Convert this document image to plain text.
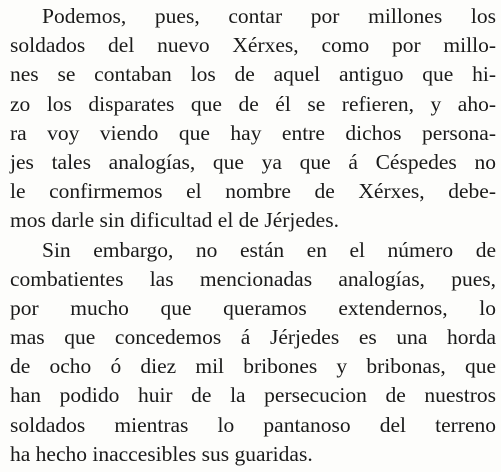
Podemos, pues, contar por millones los
soldados del nuevo Xérxes, como por millo-
nes se contaban los de aquel antiguo que hi-
zo los disparates que de él se refieren, y aho-
ra voy viendo que hay entre dichos persona-
jes tales analogías, que ya que á Céspedes no
le confirmemos el nombre de Xérxes, debe-
mos darle sin dificultad el de Jérjedes.

Sin embargo, no están en el número de
combatientes las mencionadas analogías, pues,
por mucho que queramos extendernos, lo
mas que concedemos á Jérjedes es una horda
de ocho ó diez mil bribones y bribonas, que
han podido huir de la persecucion de nuestros
soldados mientras lo pantanoso del terreno
ha hecho inaccesibles sus guaridas.
